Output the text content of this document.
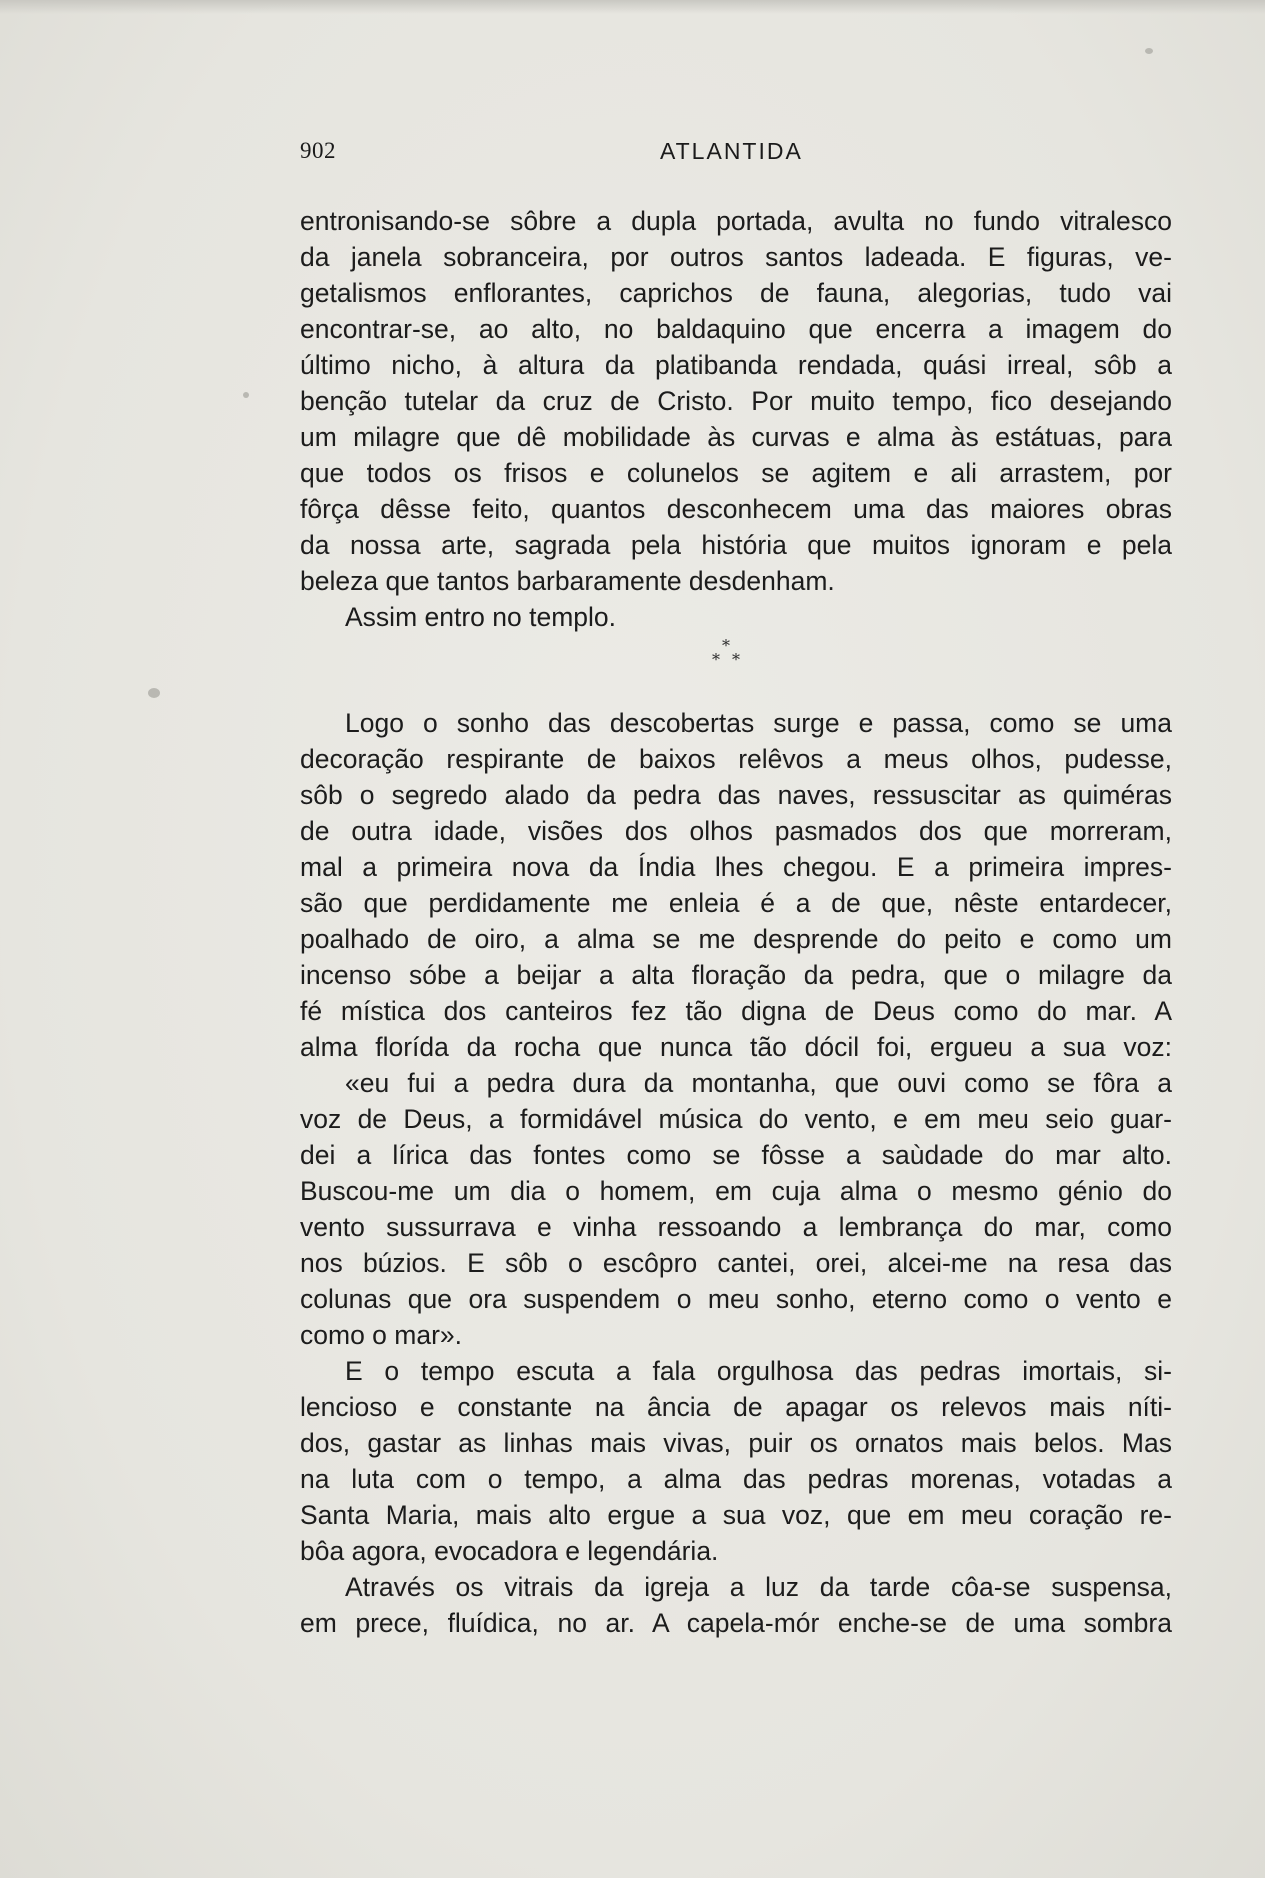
902	ATLANTIDA
entronisando-se sôbre a dupla portada, avulta no fundo vitralesco
da janela sobranceira, por outros santos ladeada. E figuras, ve-
getalismos enflorantes, caprichos de fauna, alegorias, tudo vai
encontrar-se, ao alto, no baldaquino que encerra a imagem do
último nicho, à altura da platibanda rendada, quási irreal, sôb a
benção tutelar da cruz de Cristo. Por muito tempo, fico desejando
um milagre que dê mobilidade às curvas e alma às estátuas, para
que todos os frisos e colunelos se agitem e ali arrastem, por
fôrça dêsse feito, quantos desconhecem uma das maiores obras
da nossa arte, sagrada pela história que muitos ignoram e pela
beleza que tantos barbaramente desdenham.
Assim entro no templo.
*
* *
Logo o sonho das descobertas surge e passa, como se uma
decoração respirante de baixos relêvos a meus olhos, pudesse,
sôb o segredo alado da pedra das naves, ressuscitar as quiméras
de outra idade, visões dos olhos pasmados dos que morreram,
mal a primeira nova da Índia lhes chegou. E a primeira impres-
são que perdidamente me enleia é a de que, nêste entardecer,
poalhado de oiro, a alma se me desprende do peito e como um
incenso sóbe a beijar a alta floração da pedra, que o milagre da
fé mística dos canteiros fez tão digna de Deus como do mar. A
alma florída da rocha que nunca tão dócil foi, ergueu a sua voz:
«eu fui a pedra dura da montanha, que ouvi como se fôra a
voz de Deus, a formidável música do vento, e em meu seio guar-
dei a lírica das fontes como se fôsse a saùdade do mar alto.
Buscou-me um dia o homem, em cuja alma o mesmo génio do
vento sussurrava e vinha ressoando a lembrança do mar, como
nos búzios. E sôb o escôpro cantei, orei, alcei-me na resa das
colunas que ora suspendem o meu sonho, eterno como o vento e
como o mar».
E o tempo escuta a fala orgulhosa das pedras imortais, si-
lencioso e constante na ância de apagar os relevos mais níti-
dos, gastar as linhas mais vivas, puir os ornatos mais belos. Mas
na luta com o tempo, a alma das pedras morenas, votadas a
Santa Maria, mais alto ergue a sua voz, que em meu coração re-
bôa agora, evocadora e legendária.
Através os vitrais da igreja a luz da tarde côa-se suspensa,
em prece, fluídica, no ar. A capela-mór enche-se de uma sombra
